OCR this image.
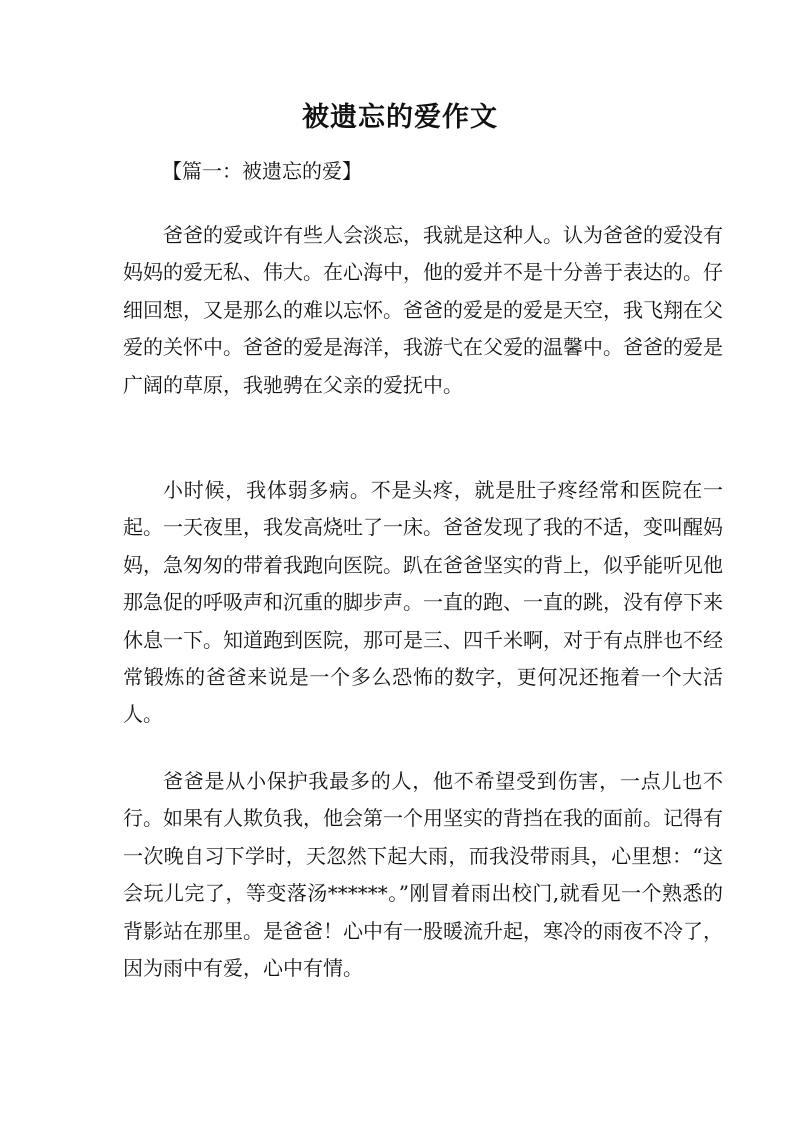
被遗忘的爱作文
【篇一：被遗忘的爱】

爸爸的爱或许有些人会淡忘，我就是这种人。认为爸爸的爱没有妈妈的爱无私、伟大。在心海中，他的爱并不是十分善于表达的。仔细回想，又是那么的难以忘怀。爸爸的爱是的爱是天空，我飞翔在父爱的关怀中。爸爸的爱是海洋，我游弋在父爱的温馨中。爸爸的爱是广阔的草原，我驰骋在父亲的爱抚中。

小时候，我体弱多病。不是头疼，就是肚子疼经常和医院在一起。一天夜里，我发高烧吐了一床。爸爸发现了我的不适，变叫醒妈妈，急匆匆的带着我跑向医院。趴在爸爸坚实的背上，似乎能听见他那急促的呼吸声和沉重的脚步声。一直的跑、一直的跳，没有停下来休息一下。知道跑到医院，那可是三、四千米啊，对于有点胖也不经常锻炼的爸爸来说是一个多么恐怖的数字，更何况还拖着一个大活人。

爸爸是从小保护我最多的人，他不希望受到伤害，一点儿也不行。如果有人欺负我，他会第一个用坚实的背挡在我的面前。记得有一次晚自习下学时，天忽然下起大雨，而我没带雨具，心里想：“这会玩儿完了，等变落汤******。”刚冒着雨出校门,就看见一个熟悉的背影站在那里。是爸爸！心中有一股暖流升起，寒冷的雨夜不冷了，因为雨中有爱，心中有情。
